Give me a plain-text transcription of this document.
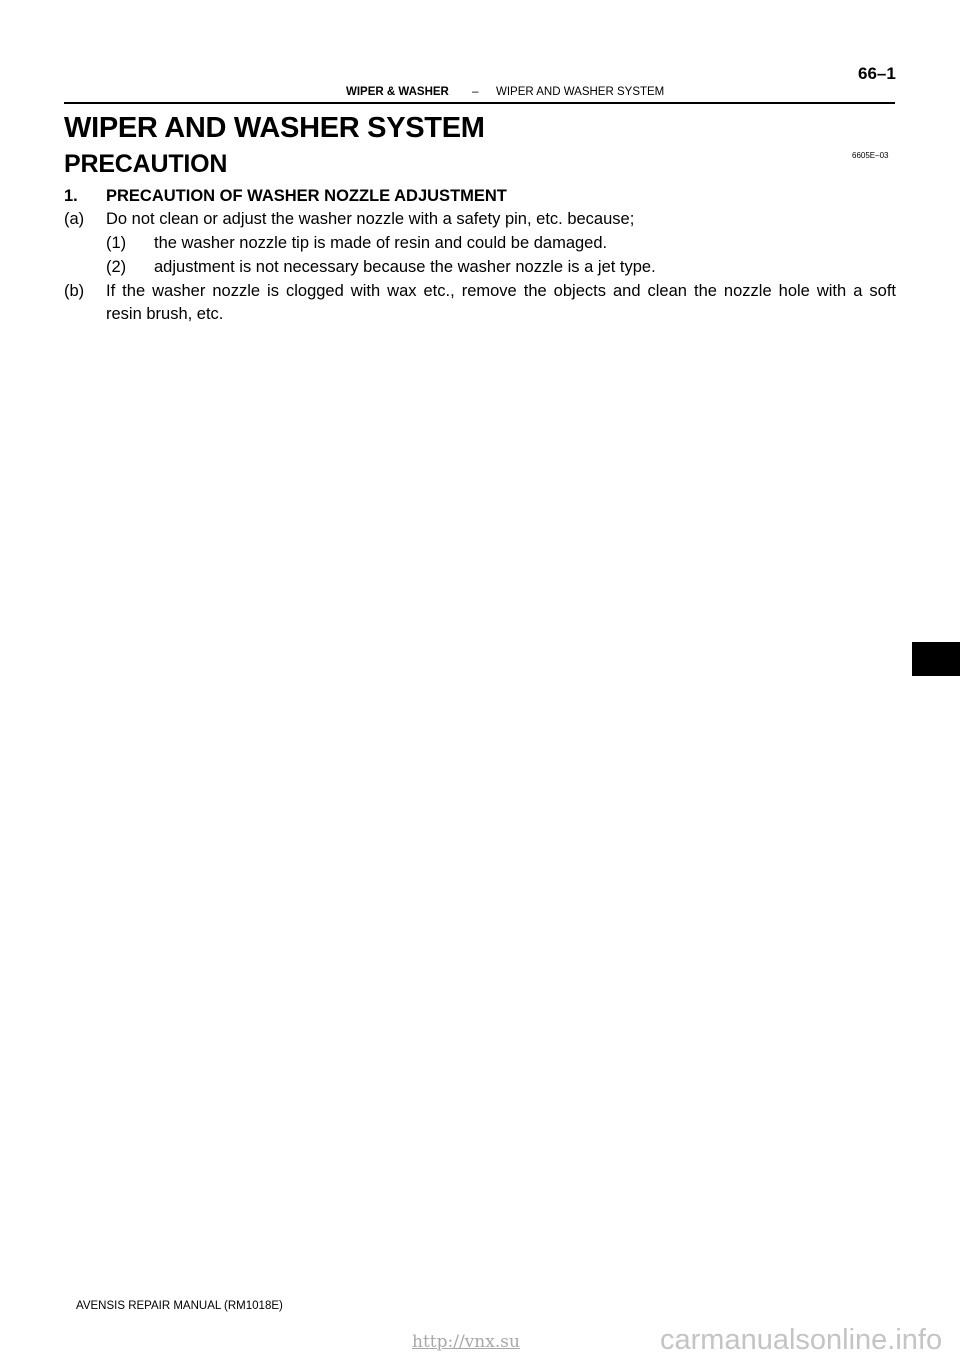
66–1
WIPER & WASHER – WIPER AND WASHER SYSTEM
WIPER AND WASHER SYSTEM
6605E–03
PRECAUTION
1. PRECAUTION OF WASHER NOZZLE ADJUSTMENT
(a) Do not clean or adjust the washer nozzle with a safety pin, etc. because;
(1) the washer nozzle tip is made of resin and could be damaged.
(2) adjustment is not necessary because the washer nozzle is a jet type.
(b) If the washer nozzle is clogged with wax etc., remove the objects and clean the nozzle hole with a soft
resin brush, etc.
AVENSIS REPAIR MANUAL (RM1018E)
http://vnx.su	carmanualsonline.info
